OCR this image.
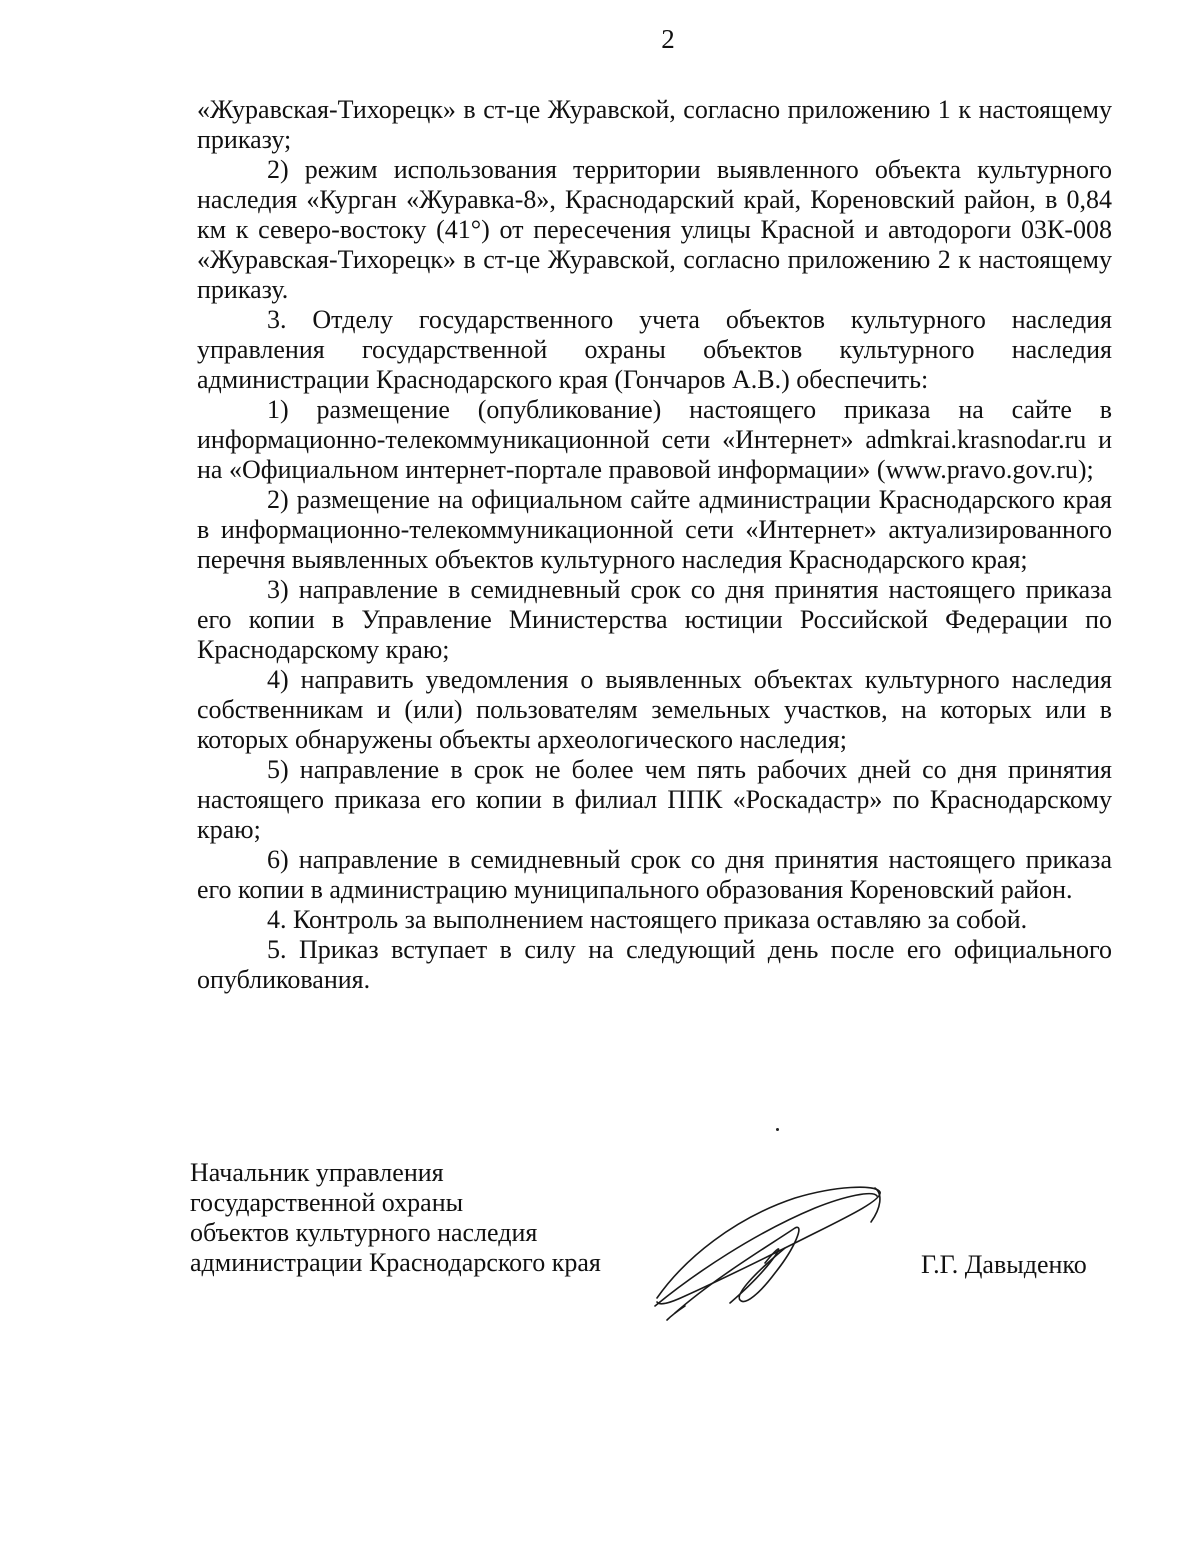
2

«Журавская-Тихорецк» в ст-це Журавской, согласно приложению 1 к настоящему приказу;

2) режим использования территории выявленного объекта культурного наследия «Курган «Журавка-8», Краснодарский край, Кореновский район, в 0,84 км к северо-востоку (41°) от пересечения улицы Красной и автодороги 03К-008 «Журавская-Тихорецк» в ст-це Журавской, согласно приложению 2 к настоящему приказу.

3. Отделу государственного учета объектов культурного наследия управления государственной охраны объектов культурного наследия администрации Краснодарского края (Гончаров А.В.) обеспечить:

1) размещение (опубликование) настоящего приказа на сайте в информационно-телекоммуникационной сети «Интернет» admkrai.krasnodar.ru и на «Официальном интернет-портале правовой информации» (www.pravo.gov.ru);

2) размещение на официальном сайте администрации Краснодарского края в информационно-телекоммуникационной сети «Интернет» актуализированного перечня выявленных объектов культурного наследия Краснодарского края;

3) направление в семидневный срок со дня принятия настоящего приказа его копии в Управление Министерства юстиции Российской Федерации по Краснодарскому краю;

4) направить уведомления о выявленных объектах культурного наследия собственникам и (или) пользователям земельных участков, на которых или в которых обнаружены объекты археологического наследия;

5) направление в срок не более чем пять рабочих дней со дня принятия настоящего приказа его копии в филиал ППК «Роскадастр» по Краснодарскому краю;

6) направление в семидневный срок со дня принятия настоящего приказа его копии в администрацию муниципального образования Кореновский район.

4. Контроль за выполнением настоящего приказа оставляю за собой.

5. Приказ вступает в силу на следующий день после его официального опубликования.

Начальник управления
государственной охраны
объектов культурного наследия
администрации Краснодарского края	Г.Г. Давыденко
